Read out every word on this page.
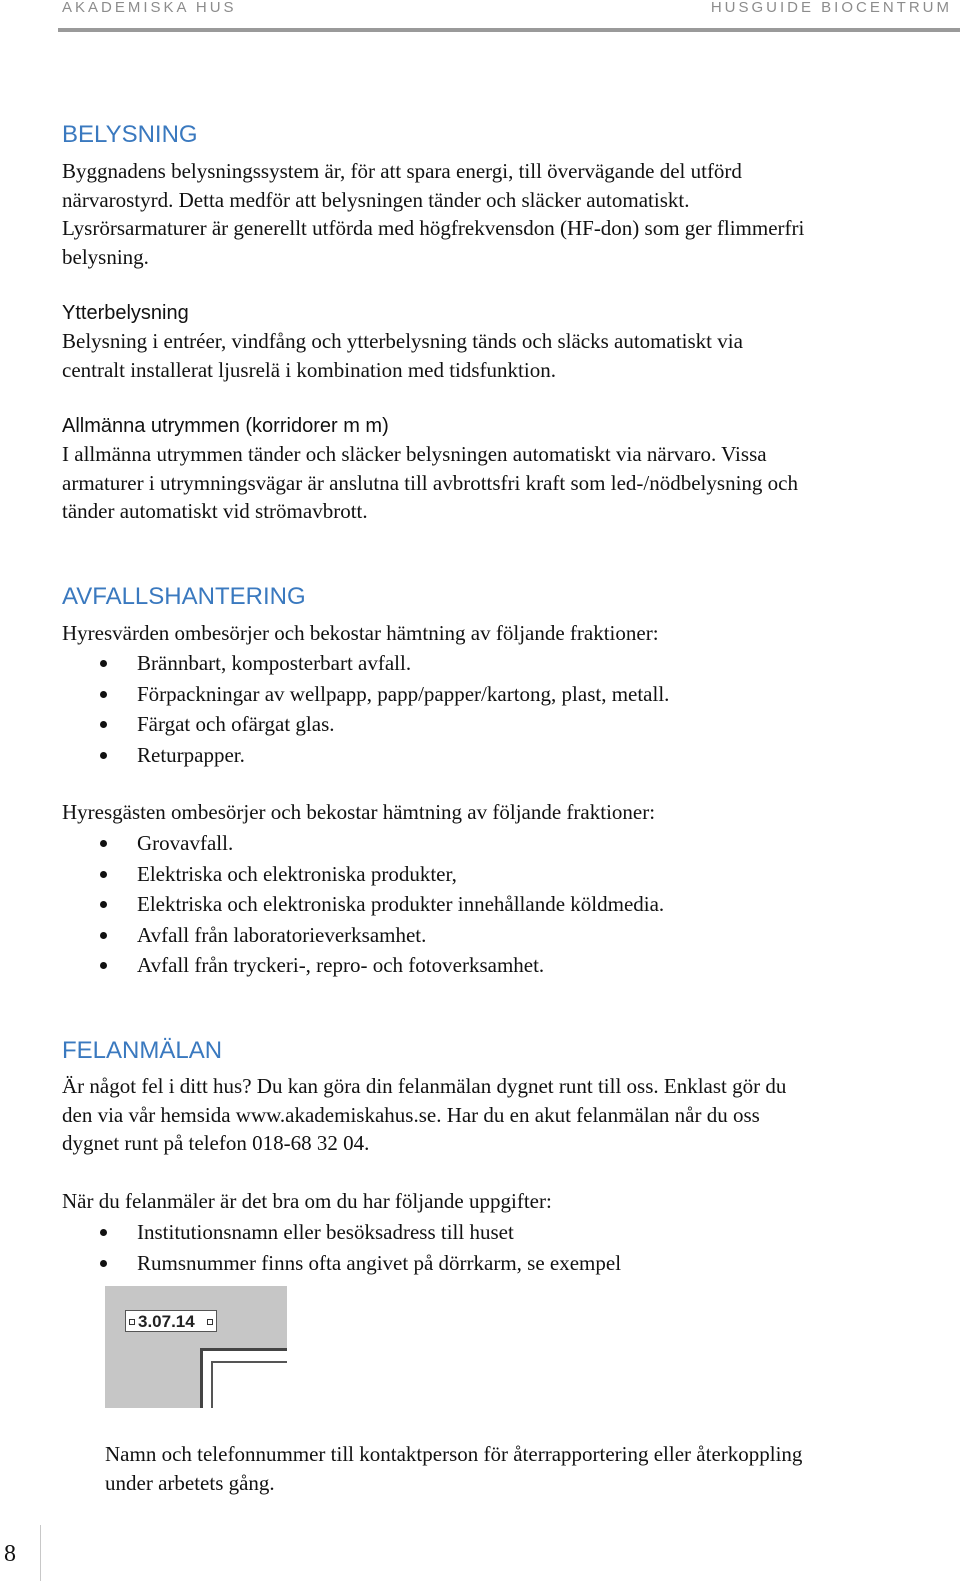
AKADEMISKA HUS	HUSGUIDE BIOCENTRUM
BELYSNING
Byggnadens belysningssystem är, för att spara energi, till övervägande del utförd
närvarostyrd. Detta medför att belysningen tänder och släcker automatiskt.
Lysrörsarmaturer är generellt utförda med högfrekvensdon (HF-don) som ger flimmerfri
belysning.
Ytterbelysning
Belysning i entréer, vindfång och ytterbelysning tänds och släcks automatiskt via
centralt installerat ljusrelä i kombination med tidsfunktion.
Allmänna utrymmen (korridorer m m)
I allmänna utrymmen tänder och släcker belysningen automatiskt via närvaro. Vissa
armaturer i utrymningsvägar är anslutna till avbrottsfri kraft som led-/nödbelysning och
tänder automatiskt vid strömavbrott.
AVFALLSHANTERING
Hyresvärden ombesörjer och bekostar hämtning av följande fraktioner:
Brännbart, komposterbart avfall.
Förpackningar av wellpapp, papp/papper/kartong, plast, metall.
Färgat och ofärgat glas.
Returpapper.
Hyresgästen ombesörjer och bekostar hämtning av följande fraktioner:
Grovavfall.
Elektriska och elektroniska produkter,
Elektriska och elektroniska produkter innehållande köldmedia.
Avfall från laboratorieverksamhet.
Avfall från tryckeri-, repro- och fotoverksamhet.
FELANMÄLAN
Är något fel i ditt hus? Du kan göra din felanmälan dygnet runt till oss. Enklast gör du
den via vår hemsida www.akademiskahus.se. Har du en akut felanmälan når du oss
dygnet runt på telefon 018-68 32 04.
När du felanmäler är det bra om du har följande uppgifter:
Institutionsnamn eller besöksadress till huset
Rumsnummer finns ofta angivet på dörrkarm, se exempel
3.07.14
Namn och telefonnummer till kontaktperson för återrapportering eller återkoppling
under arbetets gång.
8
